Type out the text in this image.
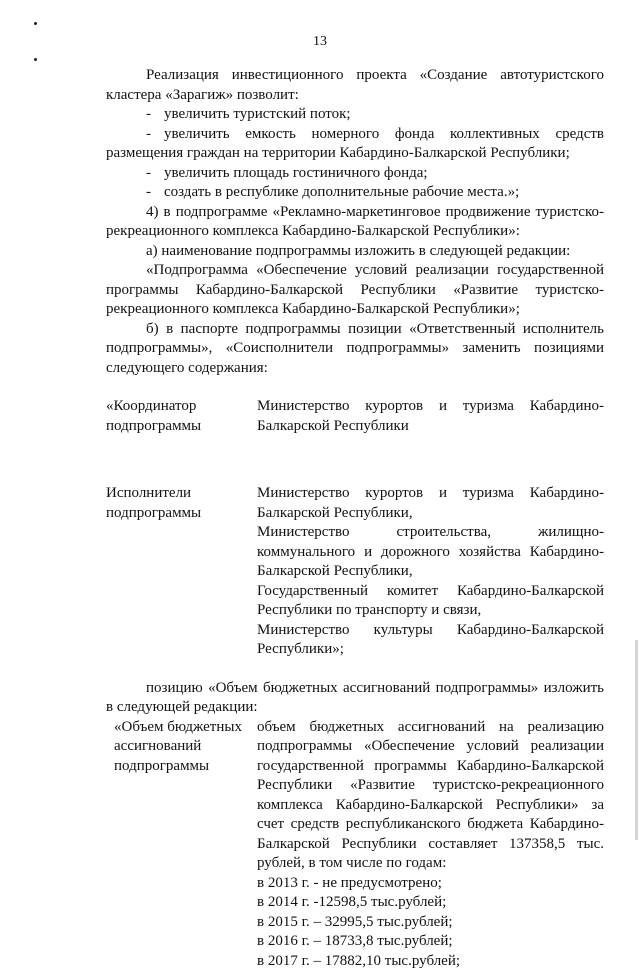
13

Реализация инвестиционного проекта «Создание автотуристского кластера «Зарагиж» позволит:

- увеличить туристский поток;

- увеличить емкость номерного фонда коллективных средств размещения граждан на территории Кабардино-Балкарской Республики;

- увеличить площадь гостиничного фонда;

- создать в республике дополнительные рабочие места.»;

4) в подпрограмме «Рекламно-маркетинговое продвижение туристско-рекреационного комплекса Кабардино-Балкарской Республики»:

а) наименование подпрограммы изложить в следующей редакции:

«Подпрограмма «Обеспечение условий реализации государственной программы Кабардино-Балкарской Республики «Развитие туристско-рекреационного комплекса Кабардино-Балкарской Республики»;

б) в паспорте подпрограммы позиции «Ответственный исполнитель подпрограммы», «Соисполнители подпрограммы» заменить позициями следующего содержания:

«Координатор подпрограммы
Министерство курортов и туризма Кабардино-Балкарской Республики
Исполнители подпрограммы

Министерство курортов и туризма Кабардино-Балкарской Республики,

Министерство строительства, жилищно-коммунального и дорожного хозяйства Кабардино-Балкарской Республики,

Государственный комитет Кабардино-Балкарской Республики по транспорту и связи,

Министерство культуры Кабардино-Балкарской Республики»;

позицию «Объем бюджетных ассигнований подпрограммы» изложить в следующей редакции:

«Объем бюджетных ассигнований подпрограммы

объем бюджетных ассигнований на реализацию подпрограммы «Обеспечение условий реализации государственной программы Кабардино-Балкарской Республики «Развитие туристско-рекреационного комплекса Кабардино-Балкарской Республики» за счет средств республиканского бюджета Кабардино-Балкарской Республики составляет 137358,5 тыс. рублей, в том числе по годам:

в 2013 г. - не предусмотрено;

в 2014 г. -12598,5 тыс.рублей;

в 2015 г. – 32995,5 тыс.рублей;

в 2016 г. – 18733,8 тыс.рублей;

в 2017 г. – 17882,10 тыс.рублей;
